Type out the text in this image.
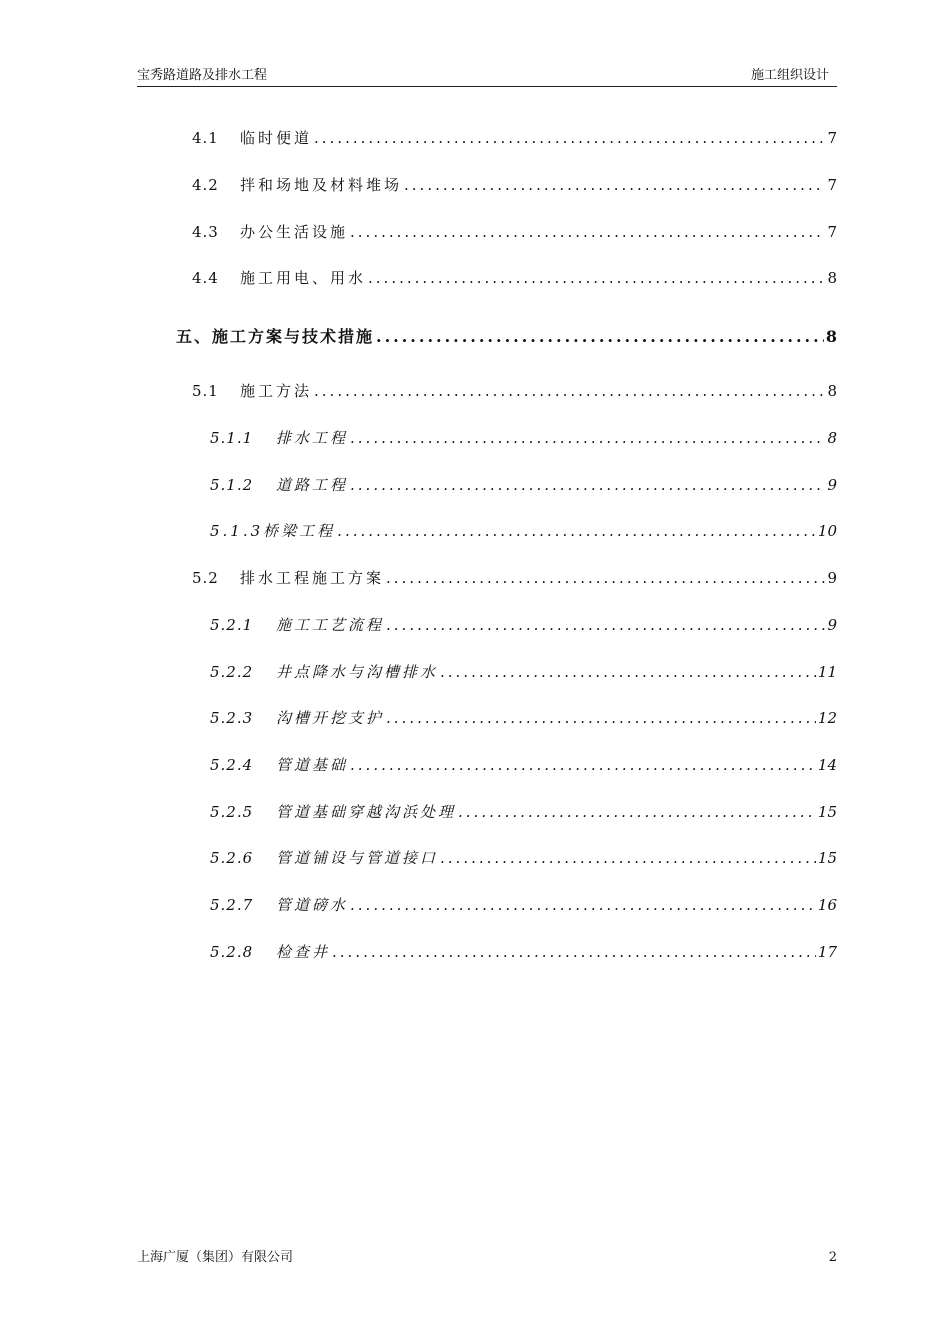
宝秀路道路及排水工程	施工组织设计
4.1	临时便道 .....	7
4.2	拌和场地及材料堆场 .....	7
4.3	办公生活设施 .....	7
4.4	施工用电、用水 .....	8
五、施工方案与技术措施 .....	8
5.1	施工方法 .....	8
5.1.1	排水工程 .....	8
5.1.2	道路工程 .....	9
5.1.3桥梁工程 .....	10
5.2	排水工程施工方案 .....	9
5.2.1	施工工艺流程 .....	9
5.2.2	井点降水与沟槽排水 .....	11
5.2.3	沟槽开挖支护 .....	12
5.2.4	管道基础 .....	14
5.2.5	管道基础穿越沟浜处理 .....	15
5.2.6	管道铺设与管道接口 .....	15
5.2.7	管道磅水 .....	16
5.2.8	检查井 .....	17
上海广厦（集团）有限公司	2
